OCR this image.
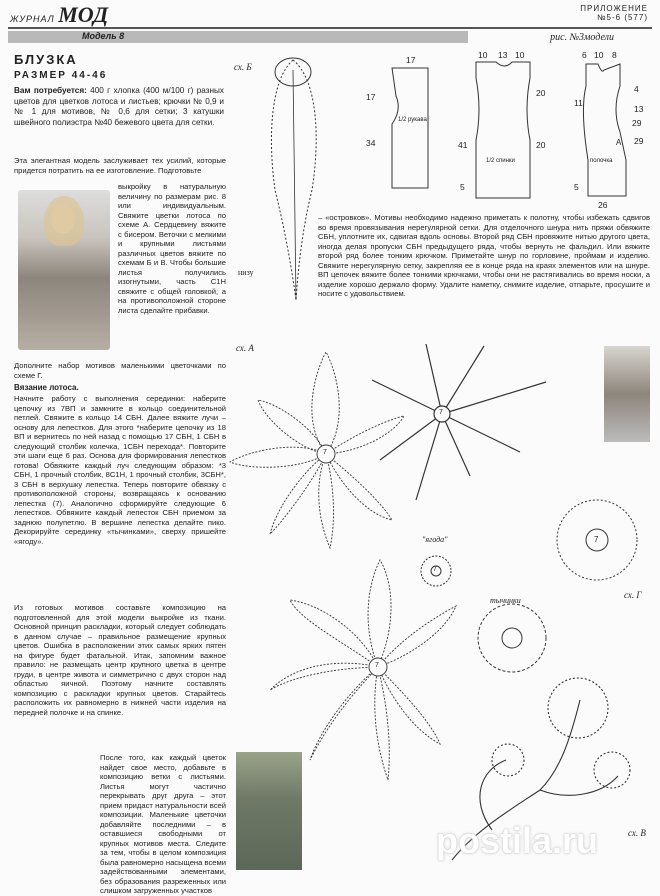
ЖУРНАЛ МОД	ПРИЛОЖЕНИЕ
№5-6 (577)
Модель 8	рис. №3модели
БЛУЗКА
РАЗМЕР 44-46
Вам потребуется: 400 г хлопка (400 м/100 г) разных цветов для цветков лотоса и листьев; крючки № 0,9 и № 1 для мотивов, № 0,6 для сетки; 3 катушки швейного полиэстра №40 бежевого цвета для сетки.
Эта элегантная модель заслуживает тех усилий, которые придется потратить на ее изготовление. Подготовьте
выкройку в натуральную величину по размерам рис. 8 или индивидуальным. Свяжите цветки лотоса по схеме А. Сердцевину вяжите с бисером. Веточки с мелкими и крупными листьями различных цветов вяжите по схемам Б и В. Чтобы большие листья получились изогнутыми, часть С1Н свяжите с общей головкой, а на противоположной стороне листа сделайте прибавки.
Дополните набор мотивов маленькими цветочками по схеме Г.
Вязание лотоса.
Начните работу с выполнения серединки: наберите цепочку из 7ВП и замкните в кольцо соединительной петлей. Свяжите в кольцо 14 СБН. Далее вяжите лучи – основу для лепестков. Для этого *наберите цепочку из 18 ВП и вернитесь по ней назад с помощью 17 СБН, 1 СБН в следующий столбик колечка, 1СБН перехода*. Повторите эти шаги еще 6 раз. Основа для формирования лепестков готова! Обвяжите каждый луч следующим образом: *3 СБН, 1 прочный столбик, 8С1Н, 1 прочный столбик, 3СБН*, 3 СБН в верхушку лепестка. Теперь повторите обвязку с противоположной стороны, возвращаясь к основанию лепестка (7). Аналогично сформируйте следующие 6 лепестков. Обвяжите каждый лепесток СБН приемом за заднюю полупетлю. В вершине лепестка делайте пико. Декорируйте серединку «тычинками», сверху пришейте «ягоду».
Из готовых мотивов составьте композицию на подготовленной для этой модели выкройке из ткани. Основной принцип раскладки, который следует соблюдать в данном случае – правильное размещение крупных цветов. Ошибка в расположении этих самых ярких пятен на фигуре будет фатальной. Итак, запомним важное правило: не размещать центр крупного цветка в центре груди, в центре живота и симметрично с двух сторон над областью яичной. Поэтому начните составлять композицию с раскладки крупных цветов. Старайтесь расположить их равномерно в нижней части изделия на передней полочке и на спинке.
После того, как каждый цветок найдет свое место, добавьте в композицию ветки с листьями. Листья могут частично перекрывать друг друга – этот прием придаст натуральности всей композиции. Маленькие цветочки добавляйте последними – в оставшиеся свободными от крупных мотивов места. Следите за тем, чтобы в целом композиция была равномерно насыщена всеми задействованными элементами, без образования разреженных или слишком загруженных участков
– «островков». Мотивы необходимо надежно приметать к полотну, чтобы избежать сдвигов во время провязывания нерегулярной сетки. Для отделочного шнура нить пряжи обвяжите СБН, уплотните их, сдвигая вдоль основы. Второй ряд СБН провяжите нитью другого цвета, иногда делая пропуски СБН предыдущего ряда, чтобы вернуть не фальдил. Или вяжите второй ряд более тонким крючком. Приметайте шнур по горловине, проймам и изделию. Свяжите нерегулярную сетку, закрепляя ее в конце ряда на краях элементов или на шнуре. ВП цепочек вяжите более тонкими крючками, чтобы они не растягивались во время носки, а изделие хорошо держало форму. Удалите наметку, снимите изделие, отпарьте, просушите и носите с удовольствием.
сх. Б
низу
сх. А
сх. Г
сх. В
"ягода"
тычинки
1/2 рукава
1/2 спинки	полочка
7
7
7
7
7
А
17
17
34
10 13 10
20
41	20
5
6 10 8
4
29
11
26
13
29
5
postila.ru
